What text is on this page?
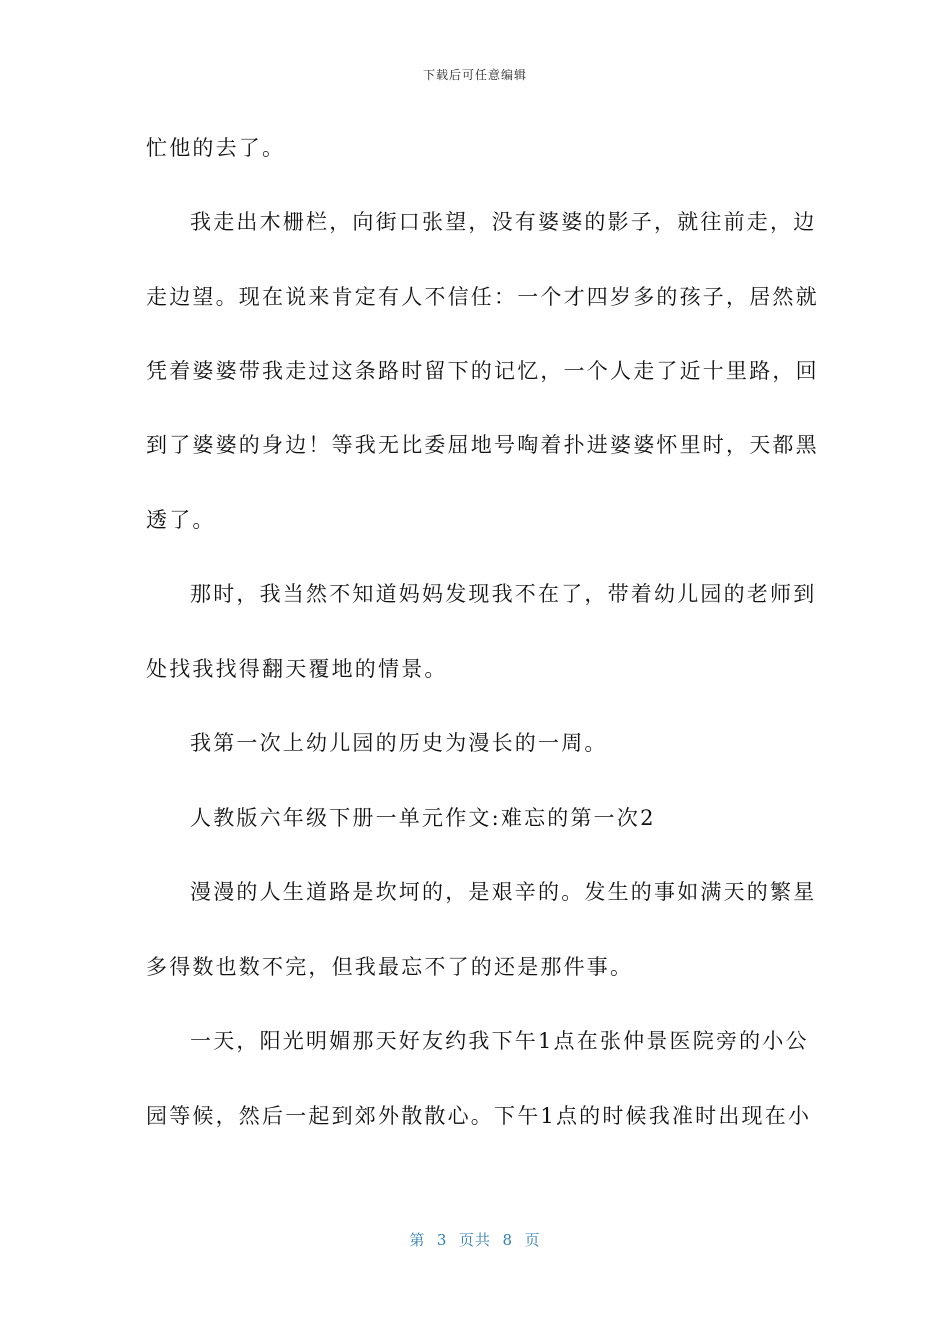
下载后可任意编辑
忙他的去了。
我走出木栅栏，向街口张望，没有婆婆的影子，就往前走，边
走边望。现在说来肯定有人不信任：一个才四岁多的孩子，居然就
凭着婆婆带我走过这条路时留下的记忆，一个人走了近十里路，回
到了婆婆的身边！等我无比委屈地号啕着扑进婆婆怀里时，天都黑
透了。
那时，我当然不知道妈妈发现我不在了，带着幼儿园的老师到
处找我找得翻天覆地的情景。
我第一次上幼儿园的历史为漫长的一周。
人教版六年级下册一单元作文:难忘的第一次2
漫漫的人生道路是坎坷的，是艰辛的。发生的事如满天的繁星
多得数也数不完，但我最忘不了的还是那件事。
一天，阳光明媚那天好友约我下午1点在张仲景医院旁的小公
园等候，然后一起到郊外散散心。下午1点的时候我准时出现在小
第  3  页共  8  页
